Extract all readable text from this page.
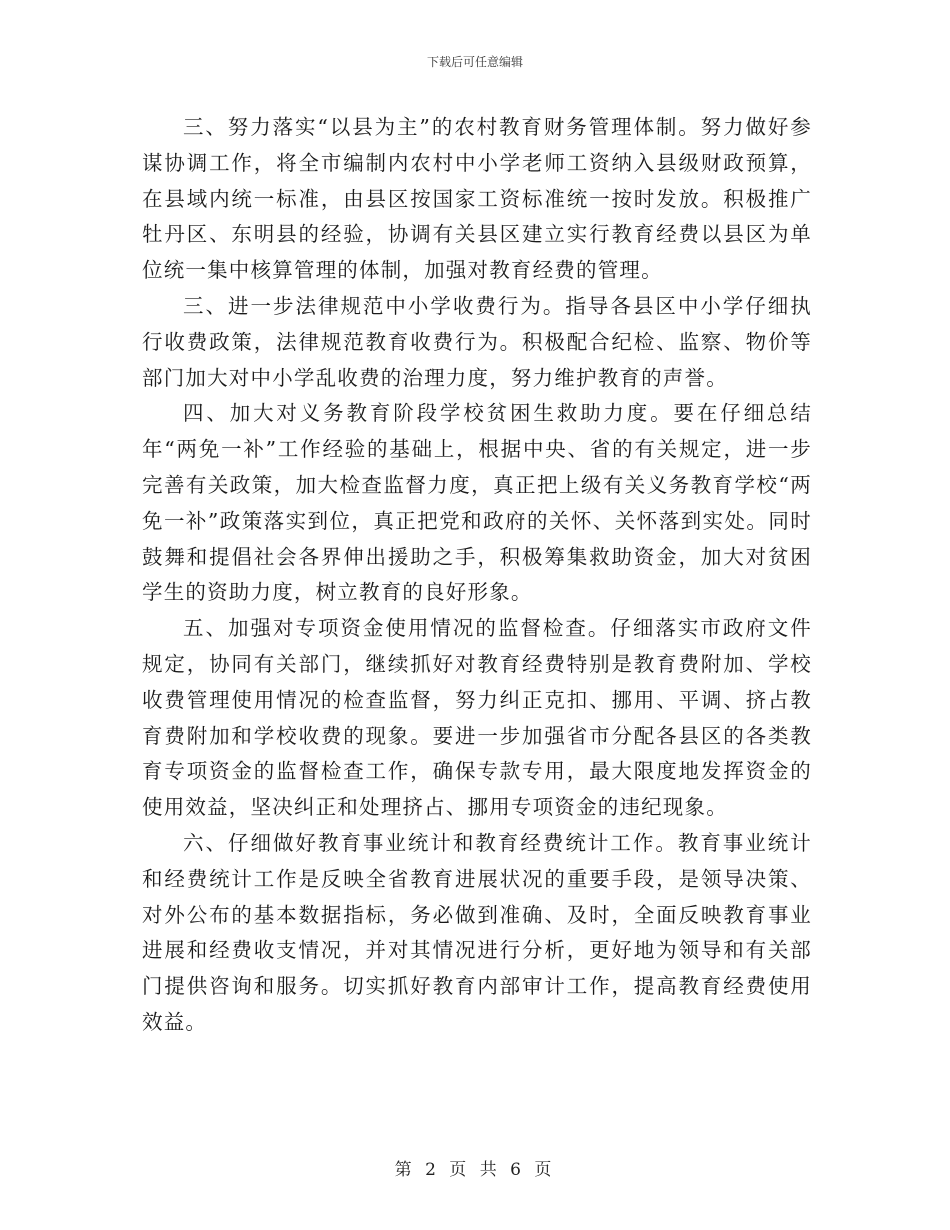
下载后可任意编辑

三、努力落实“以县为主”的农村教育财务管理体制。努力做好参谋协调工作，将全市编制内农村中小学老师工资纳入县级财政预算，在县域内统一标准，由县区按国家工资标准统一按时发放。积极推广牡丹区、东明县的经验，协调有关县区建立实行教育经费以县区为单位统一集中核算管理的体制，加强对教育经费的管理。

三、进一步法律规范中小学收费行为。指导各县区中小学仔细执行收费政策，法律规范教育收费行为。积极配合纪检、监察、物价等部门加大对中小学乱收费的治理力度，努力维护教育的声誉。

四、加大对义务教育阶段学校贫困生救助力度。要在仔细总结年“两免一补”工作经验的基础上，根据中央、省的有关规定，进一步完善有关政策，加大检查监督力度，真正把上级有关义务教育学校“两免一补”政策落实到位，真正把党和政府的关怀、关怀落到实处。同时鼓舞和提倡社会各界伸出援助之手，积极筹集救助资金，加大对贫困学生的资助力度，树立教育的良好形象。

五、加强对专项资金使用情况的监督检查。仔细落实市政府文件规定，协同有关部门，继续抓好对教育经费特别是教育费附加、学校收费管理使用情况的检查监督，努力纠正克扣、挪用、平调、挤占教育费附加和学校收费的现象。要进一步加强省市分配各县区的各类教育专项资金的监督检查工作，确保专款专用，最大限度地发挥资金的使用效益，坚决纠正和处理挤占、挪用专项资金的违纪现象。

六、仔细做好教育事业统计和教育经费统计工作。教育事业统计和经费统计工作是反映全省教育进展状况的重要手段，是领导决策、对外公布的基本数据指标，务必做到准确、及时，全面反映教育事业进展和经费收支情况，并对其情况进行分析，更好地为领导和有关部门提供咨询和服务。切实抓好教育内部审计工作，提高教育经费使用效益。

第 2 页 共 6 页
